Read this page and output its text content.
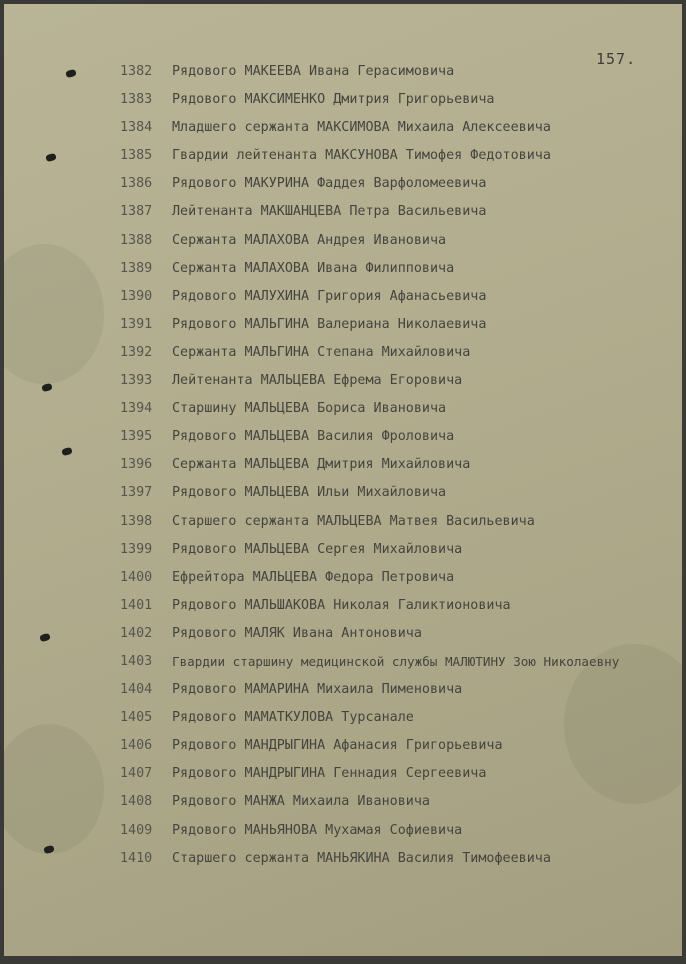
157.
1382	Рядового МАКЕЕВА Ивана Герасимовича
1383	Рядового МАКСИМЕНКО Дмитрия Григорьевича
1384	Младшего сержанта МАКСИМОВА Михаила Алексеевича
1385	Гвардии лейтенанта МАКСУНОВА Тимофея Федотовича
1386	Рядового МАКУРИНА Фаддея Варфоломеевича
1387	Лейтенанта МАКШАНЦЕВА Петра Васильевича
1388	Сержанта МАЛАХОВА Андрея Ивановича
1389	Сержанта МАЛАХОВА Ивана Филипповича
1390	Рядового МАЛУХИНА Григория Афанасьевича
1391	Рядового МАЛЬГИНА Валериана Николаевича
1392	Сержанта МАЛЬГИНА Степана Михайловича
1393	Лейтенанта МАЛЬЦЕВА Ефрема Егоровича
1394	Старшину МАЛЬЦЕВА Бориса Ивановича
1395	Рядового МАЛЬЦЕВА Василия Фроловича
1396	Сержанта МАЛЬЦЕВА Дмитрия Михайловича
1397	Рядового МАЛЬЦЕВА Ильи Михайловича
1398	Старшего сержанта МАЛЬЦЕВА Матвея Васильевича
1399	Рядового МАЛЬЦЕВА Сергея Михайловича
1400	Ефрейтора МАЛЬЦЕВА Федора Петровича
1401	Рядового МАЛЬШАКОВА Николая Галиктионовича
1402	Рядового МАЛЯК Ивана Антоновича
1403	Гвардии старшину медицинской службы МАЛЮТИНУ Зою Николаевну
1404	Рядового МАМАРИНА Михаила Пименовича
1405	Рядового МАМАТКУЛОВА Турсанале
1406	Рядового МАНДРЫГИНА Афанасия Григорьевича
1407	Рядового МАНДРЫГИНА Геннадия Сергеевича
1408	Рядового МАНЖА Михаила Ивановича
1409	Рядового МАНЬЯНОВА Мухамая Софиевича
1410	Старшего сержанта МАНЬЯКИНА Василия Тимофеевича
